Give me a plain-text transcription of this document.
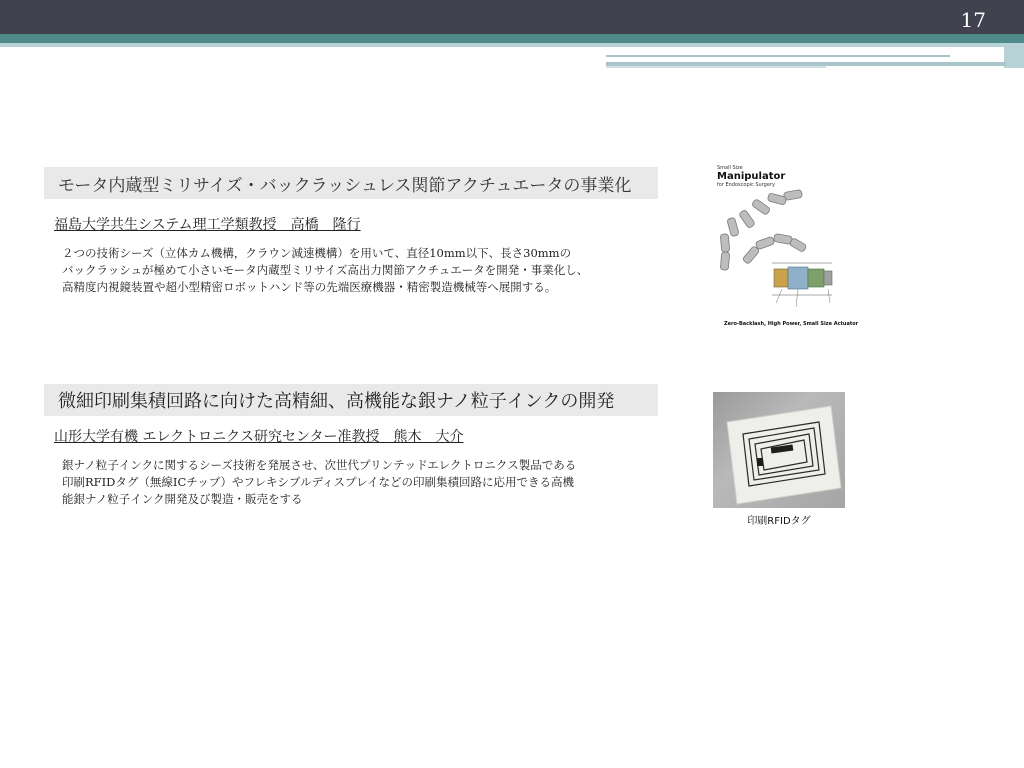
17
モータ内蔵型ミリサイズ・バックラッシュレス関節アクチュエータの事業化
福島大学共生システム理工学類教授　高橋　隆行
２つの技術シーズ（立体カム機構，クラウン減速機構）を用いて、直径10mm以下、長さ30mmの
バックラッシュが極めて小さいモータ内蔵型ミリサイズ高出力関節アクチュエータを開発・事業化し、
高精度内視鏡装置や超小型精密ロボットハンド等の先端医療機器・精密製造機械等へ展開する。
Small Size
Manipulator
for Endoscopic Surgery
Zero-Backlash, High Power, Small Size Actuator
微細印刷集積回路に向けた高精細、高機能な銀ナノ粒子インクの開発
山形大学有機 エレクトロニクス研究センター准教授　熊木　大介
銀ナノ粒子インクに関するシーズ技術を発展させ、次世代プリンテッドエレクトロニクス製品である
印刷RFIDタグ（無線ICチップ）やフレキシブルディスプレイなどの印刷集積回路に応用できる高機
能銀ナノ粒子インク開発及び製造・販売をする
印刷RFIDタグ
